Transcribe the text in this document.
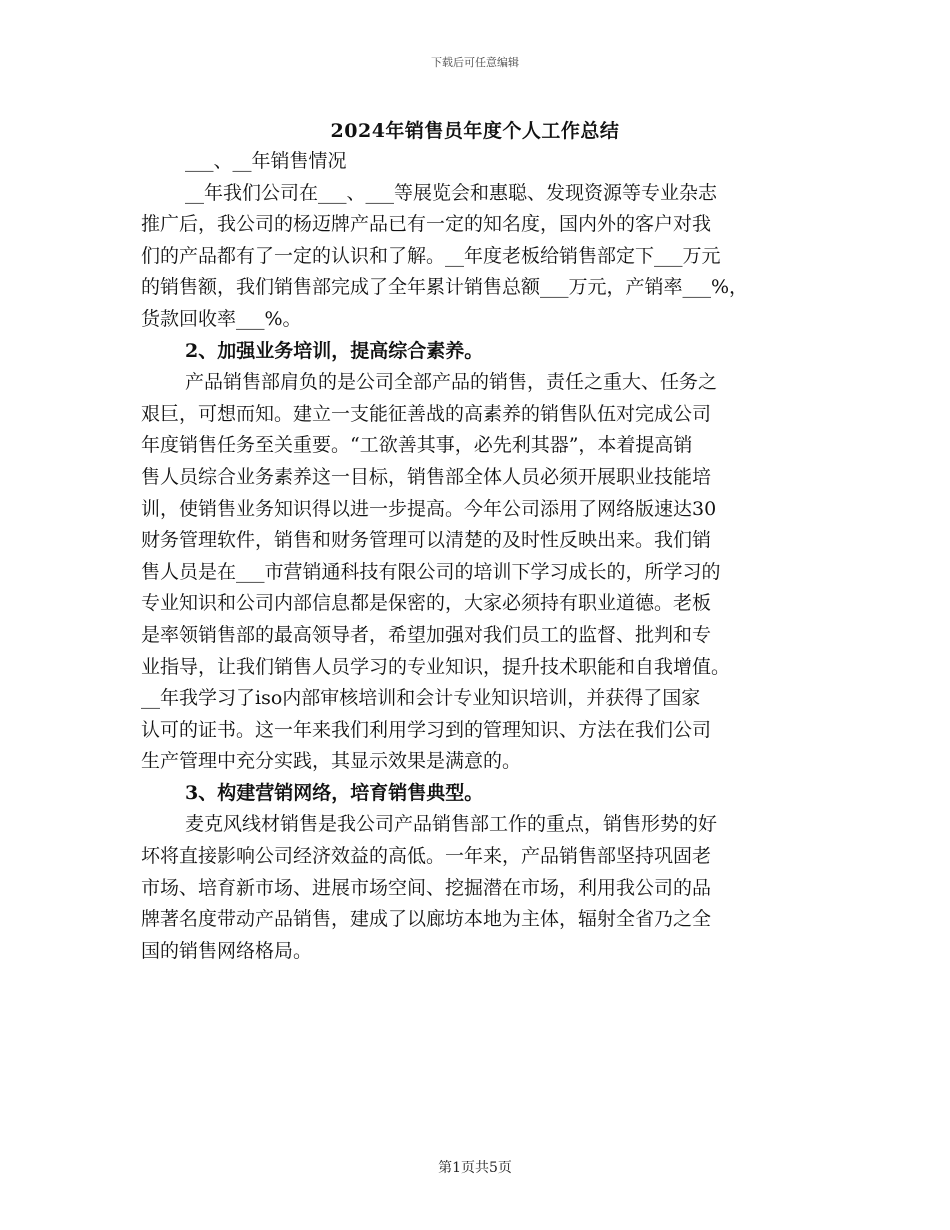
下载后可任意编辑
2024年销售员年度个人工作总结
___、__年销售情况
__年我们公司在___、___等展览会和惠聪、发现资源等专业杂志
推广后，我公司的杨迈牌产品已有一定的知名度，国内外的客户对我
们的产品都有了一定的认识和了解。__年度老板给销售部定下___万元
的销售额，我们销售部完成了全年累计销售总额___万元，产销率___%，
货款回收率___%。
2、加强业务培训，提高综合素养。
产品销售部肩负的是公司全部产品的销售，责任之重大、任务之
艰巨，可想而知。建立一支能征善战的高素养的销售队伍对完成公司
年度销售任务至关重要。“工欲善其事，必先利其器”，本着提高销
售人员综合业务素养这一目标，销售部全体人员必须开展职业技能培
训，使销售业务知识得以进一步提高。今年公司添用了网络版速达30
财务管理软件，销售和财务管理可以清楚的及时性反映出来。我们销
售人员是在___市营销通科技有限公司的培训下学习成长的，所学习的
专业知识和公司内部信息都是保密的，大家必须持有职业道德。老板
是率领销售部的最高领导者，希望加强对我们员工的监督、批判和专
业指导，让我们销售人员学习的专业知识，提升技术职能和自我增值。
__年我学习了iso内部审核培训和会计专业知识培训，并获得了国家
认可的证书。这一年来我们利用学习到的管理知识、方法在我们公司
生产管理中充分实践，其显示效果是满意的。
3、构建营销网络，培育销售典型。
麦克风线材销售是我公司产品销售部工作的重点，销售形势的好
坏将直接影响公司经济效益的高低。一年来，产品销售部坚持巩固老
市场、培育新市场、进展市场空间、挖掘潜在市场，利用我公司的品
牌著名度带动产品销售，建成了以廊坊本地为主体，辐射全省乃之全
国的销售网络格局。
第1页共5页
